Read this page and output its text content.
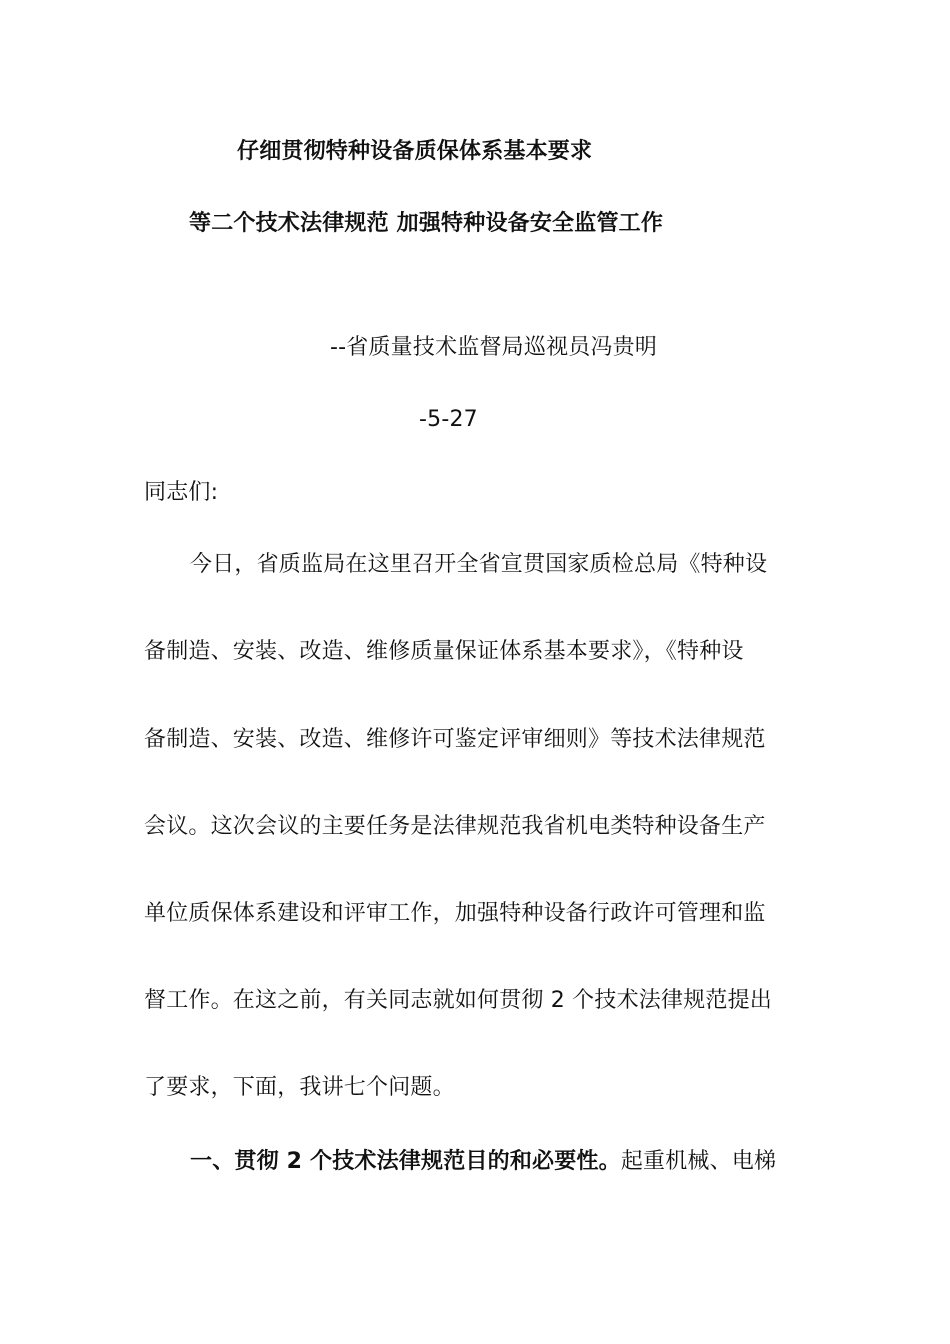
仔细贯彻特种设备质保体系基本要求
等二个技术法律规范 加强特种设备安全监管工作
--省质量技术监督局巡视员冯贵明
-5-27
同志们:
今日，省质监局在这里召开全省宣贯国家质检总局《特种设
备制造、安装、改造、维修质量保证体系基本要求》，《特种设
备制造、安装、改造、维修许可鉴定评审细则》等技术法律规范
会议。这次会议的主要任务是法律规范我省机电类特种设备生产
单位质保体系建设和评审工作，加强特种设备行政许可管理和监
督工作。在这之前，有关同志就如何贯彻 2 个技术法律规范提出
了要求，下面，我讲七个问题。
一、贯彻 2 个技术法律规范目的和必要性。起重机械、电梯
